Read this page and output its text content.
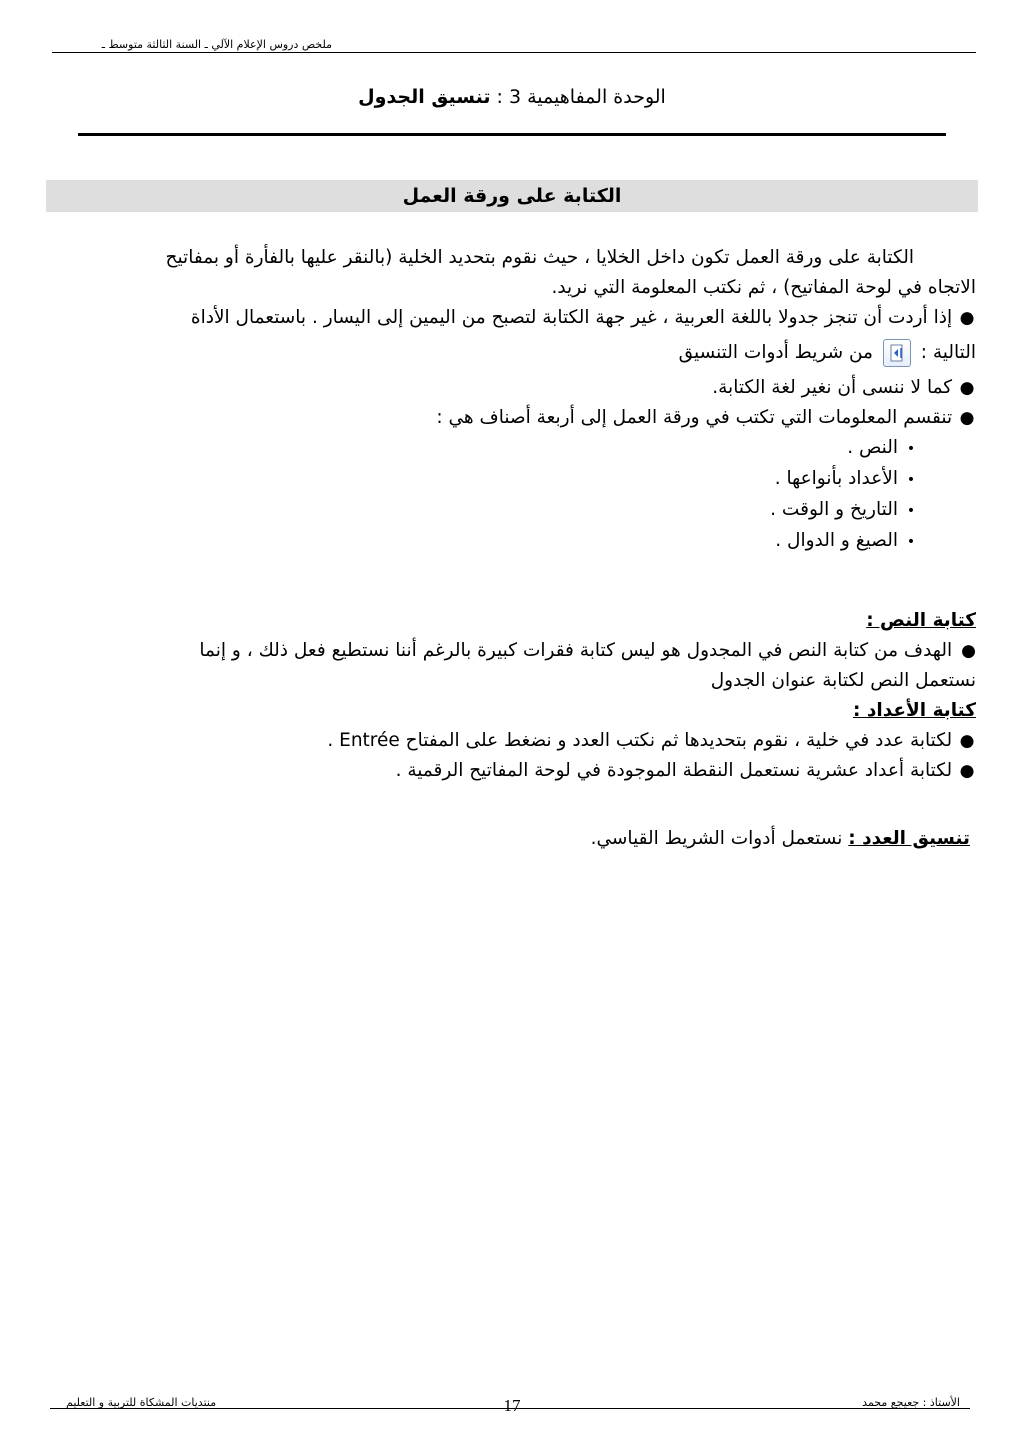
ملخص دروس الإعلام الآلي ـ السنة الثالثة متوسط ـ
الوحدة المفاهيمية 3 : تنسيق الجدول
الكتابة على ورقة العمل

الكتابة على ورقة العمل تكون داخل الخلايا ، حيث نقوم بتحديد الخلية (بالنقر عليها بالفأرة أو بمفاتيح

الاتجاه في لوحة المفاتيح) ، ثم نكتب المعلومة التي نريد.

● إذا أردت أن تنجز جدولا باللغة العربية ، غير جهة الكتابة لتصبح من اليمين إلى اليسار . باستعمال الأداة

التالية :
من شريط أدوات التنسيق

● كما لا ننسى أن نغير لغة الكتابة.

● تنقسم المعلومات التي تكتب في ورقة العمل إلى أربعة أصناف هي :

•النص .
•الأعداد بأنواعها .
•التاريخ و الوقت .
•الصيغ و الدوال .

كتابة النص :

● الهدف من كتابة النص في المجدول هو ليس كتابة فقرات كبيرة بالرغم أننا نستطيع فعل ذلك ، و إنما

نستعمل النص لكتابة عنوان الجدول

كتابة الأعداد :

● لكتابة عدد في خلية ، نقوم بتحديدها ثم نكتب العدد و نضغط على المفتاح Entrée .

● لكتابة أعداد عشرية نستعمل النقطة الموجودة في لوحة المفاتيح الرقمية .

تنسيق العدد : نستعمل أدوات الشريط القياسي.

منتديات المشكاة للتربية و التعليم	17	الأستاذ : جعيجع محمد
